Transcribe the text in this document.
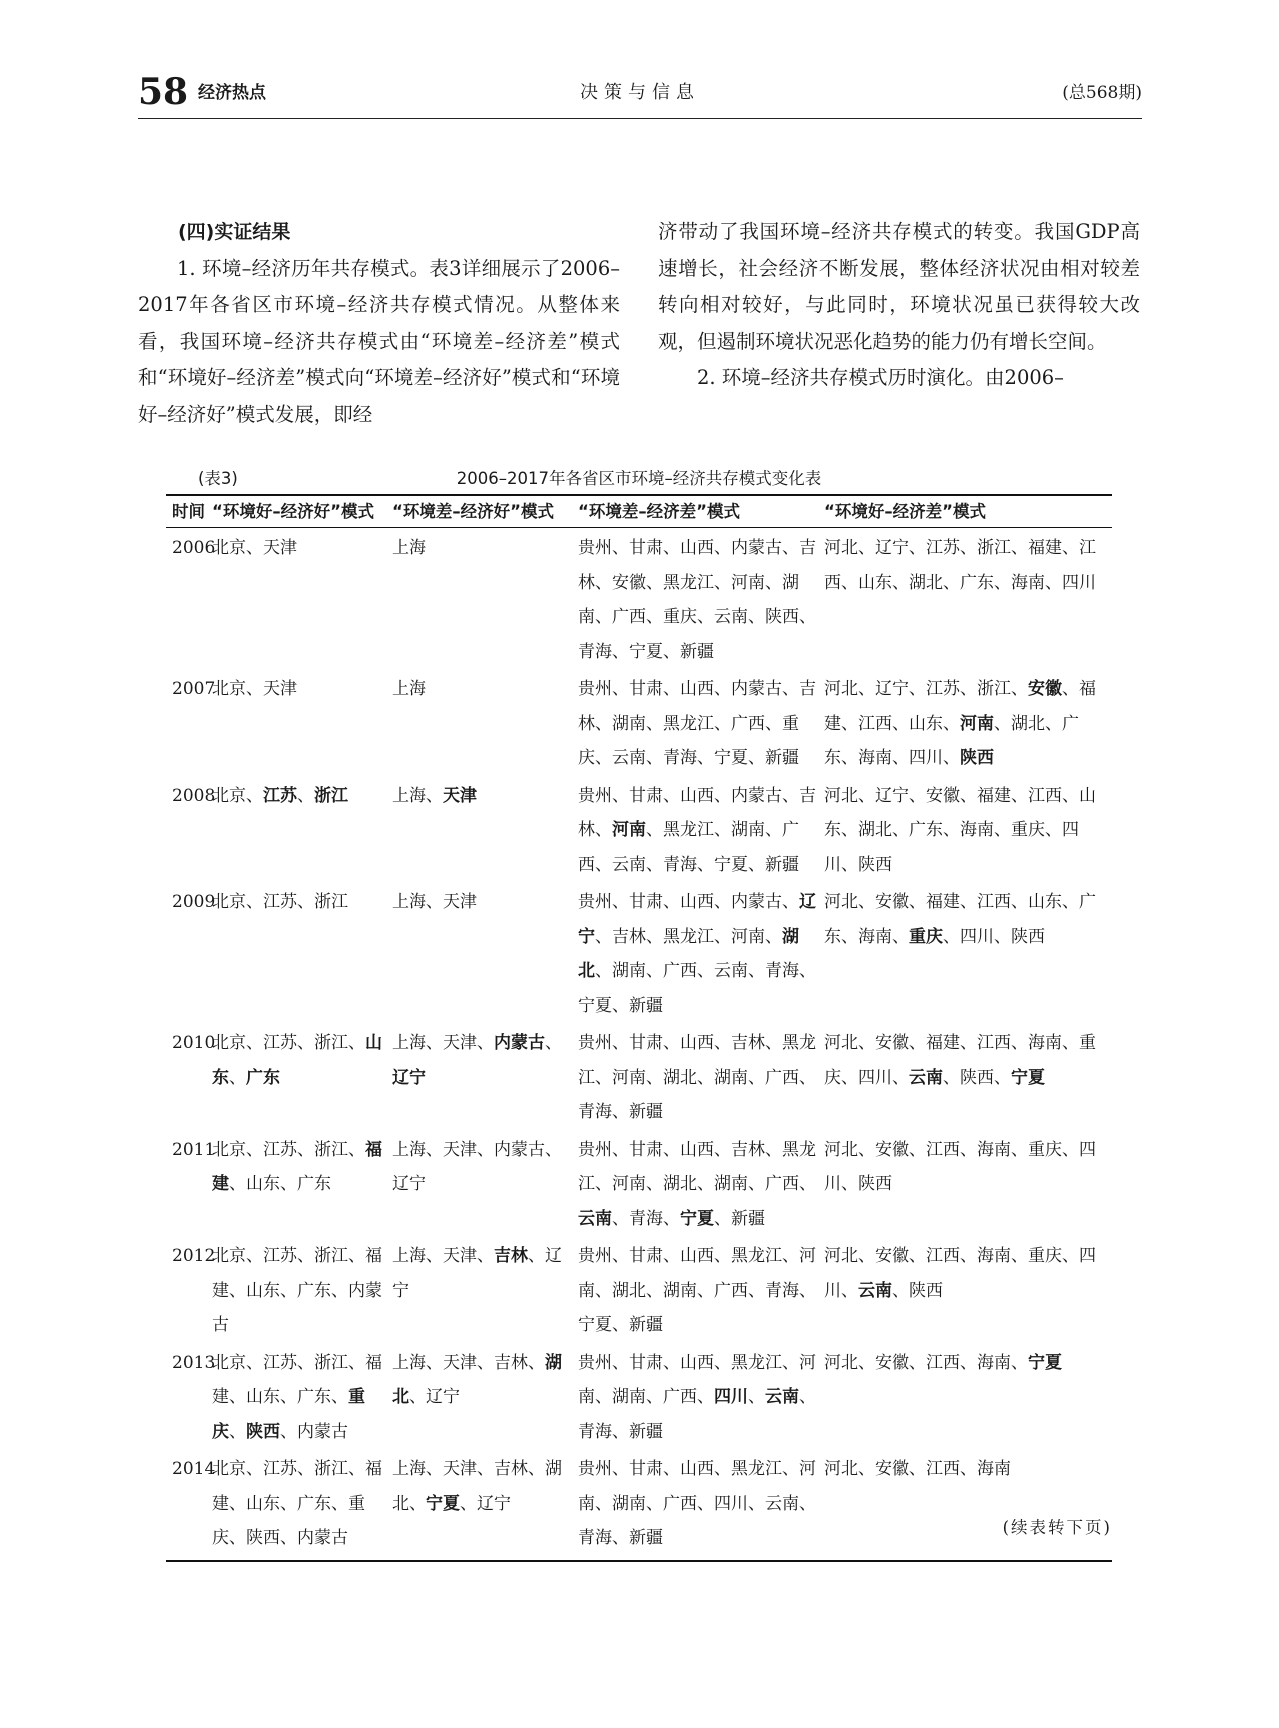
58 经济热点	决策与信息	(总568期)

(四)实证结果

1. 环境–经济历年共存模式。表3详细展示了2006–2017年各省区市环境–经济共存模式情况。从整体来看，我国环境–经济共存模式由“环境差–经济差”模式和“环境好–经济差”模式向“环境差–经济好”模式和“环境好–经济好”模式发展，即经

济带动了我国环境–经济共存模式的转变。我国GDP高速增长，社会经济不断发展，整体经济状况由相对较差转向相对较好，与此同时，环境状况虽已获得较大改观，但遏制环境状况恶化趋势的能力仍有增长空间。

2. 环境–经济共存模式历时演化。由2006–

(表3)	2006–2017年各省区市环境–经济共存模式变化表
时间	“环境好–经济好”模式	“环境差–经济好”模式	“环境差–经济差”模式	“环境好–经济差”模式
2006	北京、天津	上海	贵州、甘肃、山西、内蒙古、吉林、安徽、黑龙江、河南、湖南、广西、重庆、云南、陕西、青海、宁夏、新疆	河北、辽宁、江苏、浙江、福建、江西、山东、湖北、广东、海南、四川
2007	北京、天津	上海	贵州、甘肃、山西、内蒙古、吉林、湖南、黑龙江、广西、重庆、云南、青海、宁夏、新疆	河北、辽宁、江苏、浙江、安徽、福建、江西、山东、河南、湖北、广东、海南、四川、陕西
2008	北京、江苏、浙江	上海、天津	贵州、甘肃、山西、内蒙古、吉林、河南、黑龙江、湖南、广西、云南、青海、宁夏、新疆	河北、辽宁、安徽、福建、江西、山东、湖北、广东、海南、重庆、四川、陕西
2009	北京、江苏、浙江	上海、天津	贵州、甘肃、山西、内蒙古、辽宁、吉林、黑龙江、河南、湖北、湖南、广西、云南、青海、宁夏、新疆	河北、安徽、福建、江西、山东、广东、海南、重庆、四川、陕西
2010	北京、江苏、浙江、山东、广东	上海、天津、内蒙古、辽宁	贵州、甘肃、山西、吉林、黑龙江、河南、湖北、湖南、广西、青海、新疆	河北、安徽、福建、江西、海南、重庆、四川、云南、陕西、宁夏
2011	北京、江苏、浙江、福建、山东、广东	上海、天津、内蒙古、辽宁	贵州、甘肃、山西、吉林、黑龙江、河南、湖北、湖南、广西、云南、青海、宁夏、新疆	河北、安徽、江西、海南、重庆、四川、陕西
2012	北京、江苏、浙江、福建、山东、广东、内蒙古	上海、天津、吉林、辽宁	贵州、甘肃、山西、黑龙江、河南、湖北、湖南、广西、青海、宁夏、新疆	河北、安徽、江西、海南、重庆、四川、云南、陕西
2013	北京、江苏、浙江、福建、山东、广东、重庆、陕西、内蒙古	上海、天津、吉林、湖北、辽宁	贵州、甘肃、山西、黑龙江、河南、湖南、广西、四川、云南、青海、新疆	河北、安徽、江西、海南、宁夏
2014	北京、江苏、浙江、福建、山东、广东、重庆、陕西、内蒙古	上海、天津、吉林、湖北、宁夏、辽宁	贵州、甘肃、山西、黑龙江、河南、湖南、广西、四川、云南、青海、新疆	河北、安徽、江西、海南
(续表转下页)
